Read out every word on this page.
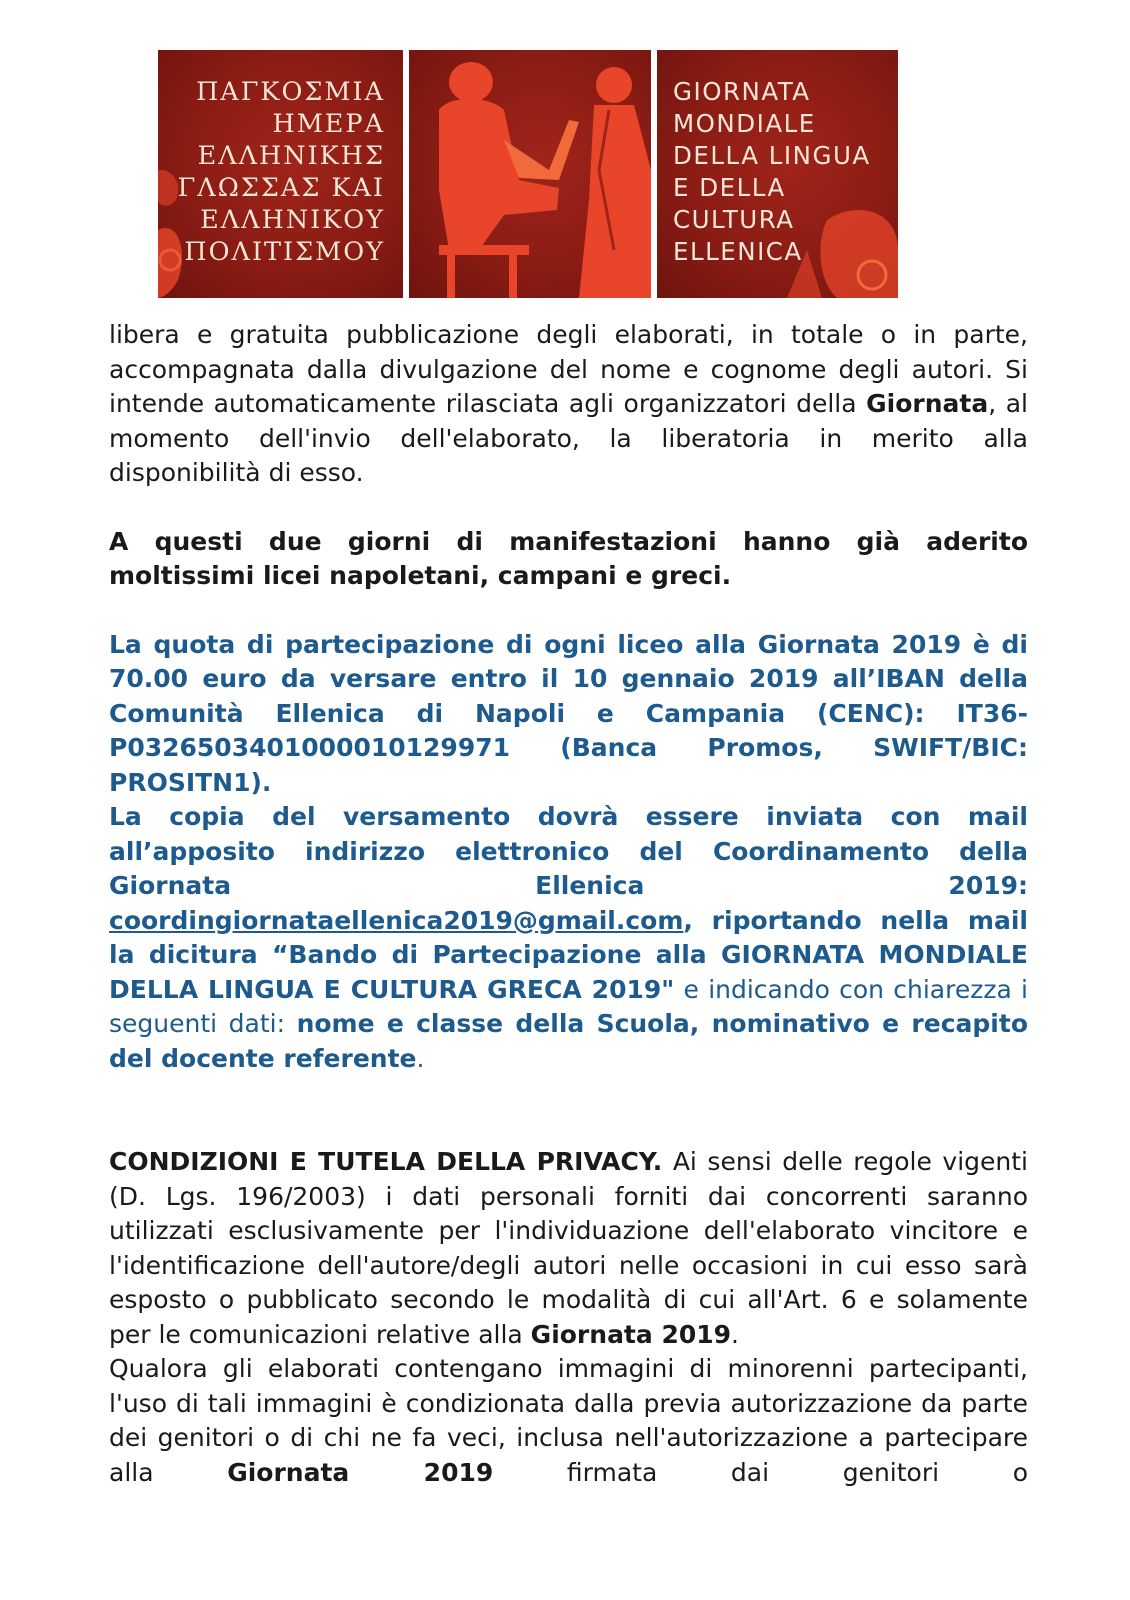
ΠΑΓΚΟΣΜΙΑ
ΗΜΕΡΑ
ΕΛΛΗΝΙΚΗΣ
ΓΛΩΣΣΑΣ ΚΑΙ
ΕΛΛΗΝΙΚΟΥ
ΠΟΛΙΤΙΣΜΟΥ
GIORNATA
MONDIALE
DELLA LINGUA
E DELLA
CULTURA
ELLENICA

libera e gratuita pubblicazione degli elaborati, in totale o in parte, accompagnata dalla divulgazione del nome e cognome degli autori. Si intende automaticamente rilasciata agli organizzatori della Giornata, al momento dell'invio dell'elaborato, la liberatoria in merito alla disponibilità di esso.

A questi due giorni di manifestazioni hanno già aderito moltissimi licei napoletani, campani e greci.

La quota di partecipazione di ogni liceo alla Giornata 2019 è di 70.00 euro da versare entro il 10 gennaio 2019 all’IBAN della Comunità Ellenica di Napoli e Campania (CENC): IT36-P0326503401000010129971 (Banca Promos, SWIFT/BIC: PROSITN1).

La copia del versamento dovrà essere inviata con mail all’apposito indirizzo elettronico del Coordinamento della Giornata Ellenica 2019: coordingiornataellenica2019@gmail.com, riportando nella mail la dicitura “Bando di Partecipazione alla GIORNATA MONDIALE DELLA LINGUA E CULTURA GRECA 2019" e indicando con chiarezza i seguenti dati: nome e classe della Scuola, nominativo e recapito del docente referente.

CONDIZIONI E TUTELA DELLA PRIVACY. Ai sensi delle regole vigenti (D. Lgs. 196/2003) i dati personali forniti dai concorrenti saranno utilizzati esclusivamente per l'individuazione dell'elaborato vincitore e l'identificazione dell'autore/degli autori nelle occasioni in cui esso sarà esposto o pubblicato secondo le modalità di cui all'Art. 6 e solamente per le comunicazioni relative alla Giornata 2019.

Qualora gli elaborati contengano immagini di minorenni partecipanti, l'uso di tali immagini è condizionata dalla previa autorizzazione da parte dei genitori o di chi ne fa veci, inclusa nell'autorizzazione a partecipare alla Giornata 2019 firmata dai genitori o
